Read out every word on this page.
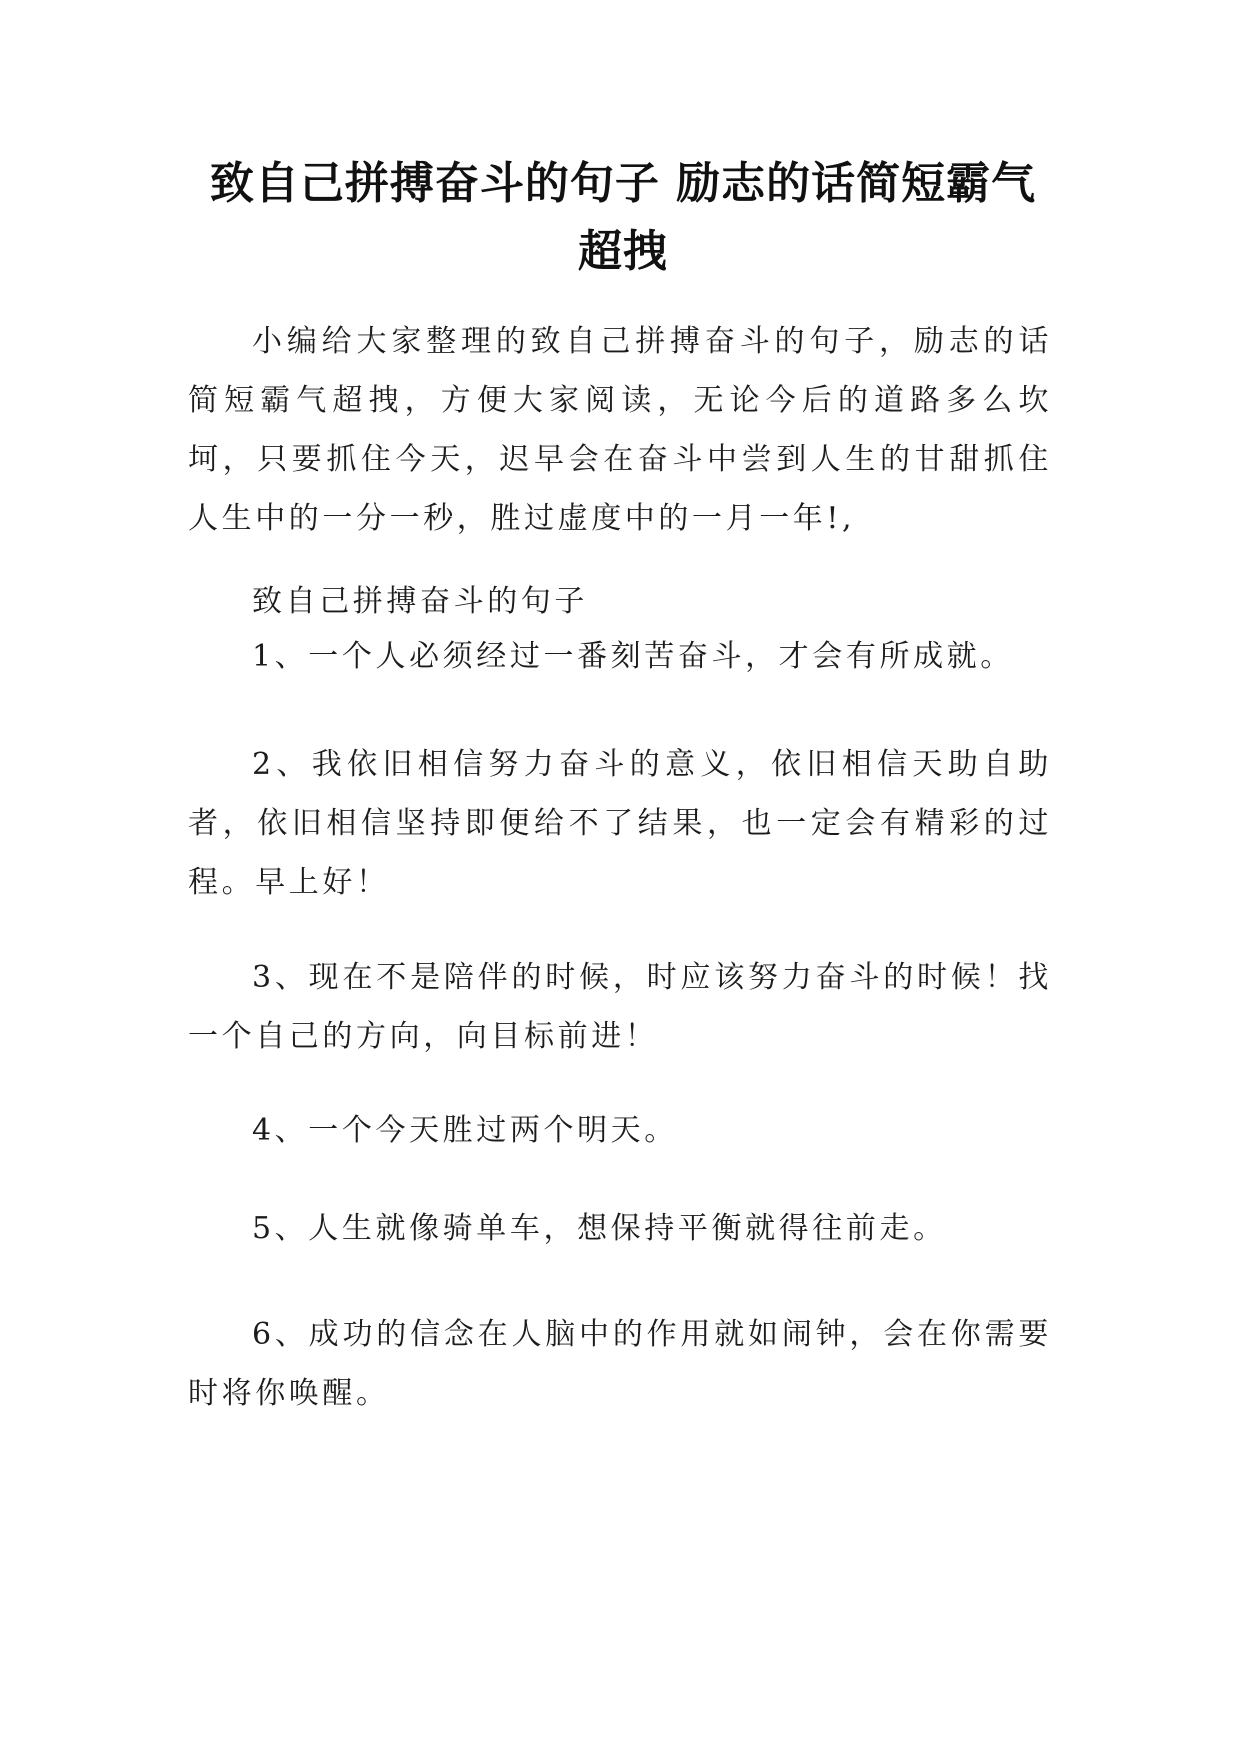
致自己拼搏奋斗的句子 励志的话简短霸气超拽
小编给大家整理的致自己拼搏奋斗的句子，励志的话简短霸气超拽，方便大家阅读，无论今后的道路多么坎坷，只要抓住今天，迟早会在奋斗中尝到人生的甘甜抓住人生中的一分一秒，胜过虚度中的一月一年!,
致自己拼搏奋斗的句子
1、一个人必须经过一番刻苦奋斗，才会有所成就。
2、我依旧相信努力奋斗的意义，依旧相信天助自助者，依旧相信坚持即便给不了结果，也一定会有精彩的过程。早上好！
3、现在不是陪伴的时候，时应该努力奋斗的时候！找一个自己的方向，向目标前进！
4、一个今天胜过两个明天。
5、人生就像骑单车，想保持平衡就得往前走。
6、成功的信念在人脑中的作用就如闹钟，会在你需要时将你唤醒。
